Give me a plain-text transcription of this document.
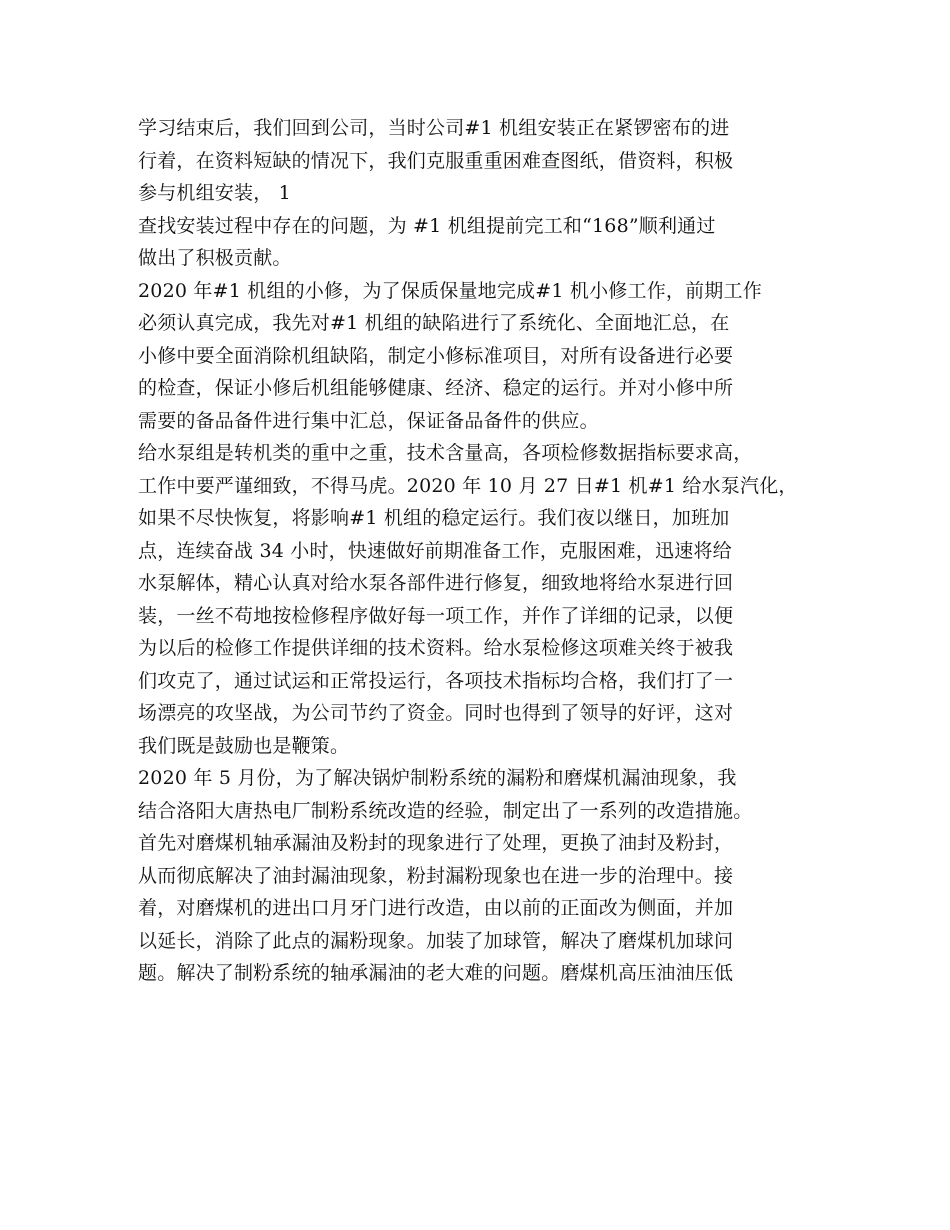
学习结束后，我们回到公司，当时公司#1 机组安装正在紧锣密布的进
行着，在资料短缺的情况下，我们克服重重困难查图纸，借资料，积极
参与机组安装， 1
查找安装过程中存在的问题，为 #1 机组提前完工和“168”顺利通过
做出了积极贡献。
2020 年#1 机组的小修，为了保质保量地完成#1 机小修工作，前期工作
必须认真完成，我先对#1 机组的缺陷进行了系统化、全面地汇总，在
小修中要全面消除机组缺陷，制定小修标准项目，对所有设备进行必要
的检查，保证小修后机组能够健康、经济、稳定的运行。并对小修中所
需要的备品备件进行集中汇总，保证备品备件的供应。
给水泵组是转机类的重中之重，技术含量高，各项检修数据指标要求高，
工作中要严谨细致，不得马虎。2020 年 10 月 27 日#1 机#1 给水泵汽化，
如果不尽快恢复，将影响#1 机组的稳定运行。我们夜以继日，加班加
点，连续奋战 34 小时，快速做好前期准备工作，克服困难，迅速将给
水泵解体，精心认真对给水泵各部件进行修复，细致地将给水泵进行回
装，一丝不苟地按检修程序做好每一项工作，并作了详细的记录，以便
为以后的检修工作提供详细的技术资料。给水泵检修这项难关终于被我
们攻克了，通过试运和正常投运行，各项技术指标均合格，我们打了一
场漂亮的攻坚战，为公司节约了资金。同时也得到了领导的好评，这对
我们既是鼓励也是鞭策。
2020 年 5 月份，为了解决锅炉制粉系统的漏粉和磨煤机漏油现象，我
结合洛阳大唐热电厂制粉系统改造的经验，制定出了一系列的改造措施。
首先对磨煤机轴承漏油及粉封的现象进行了处理，更换了油封及粉封，
从而彻底解决了油封漏油现象，粉封漏粉现象也在进一步的治理中。接
着，对磨煤机的进出口月牙门进行改造，由以前的正面改为侧面，并加
以延长，消除了此点的漏粉现象。加装了加球管，解决了磨煤机加球问
题。解决了制粉系统的轴承漏油的老大难的问题。磨煤机高压油油压低
